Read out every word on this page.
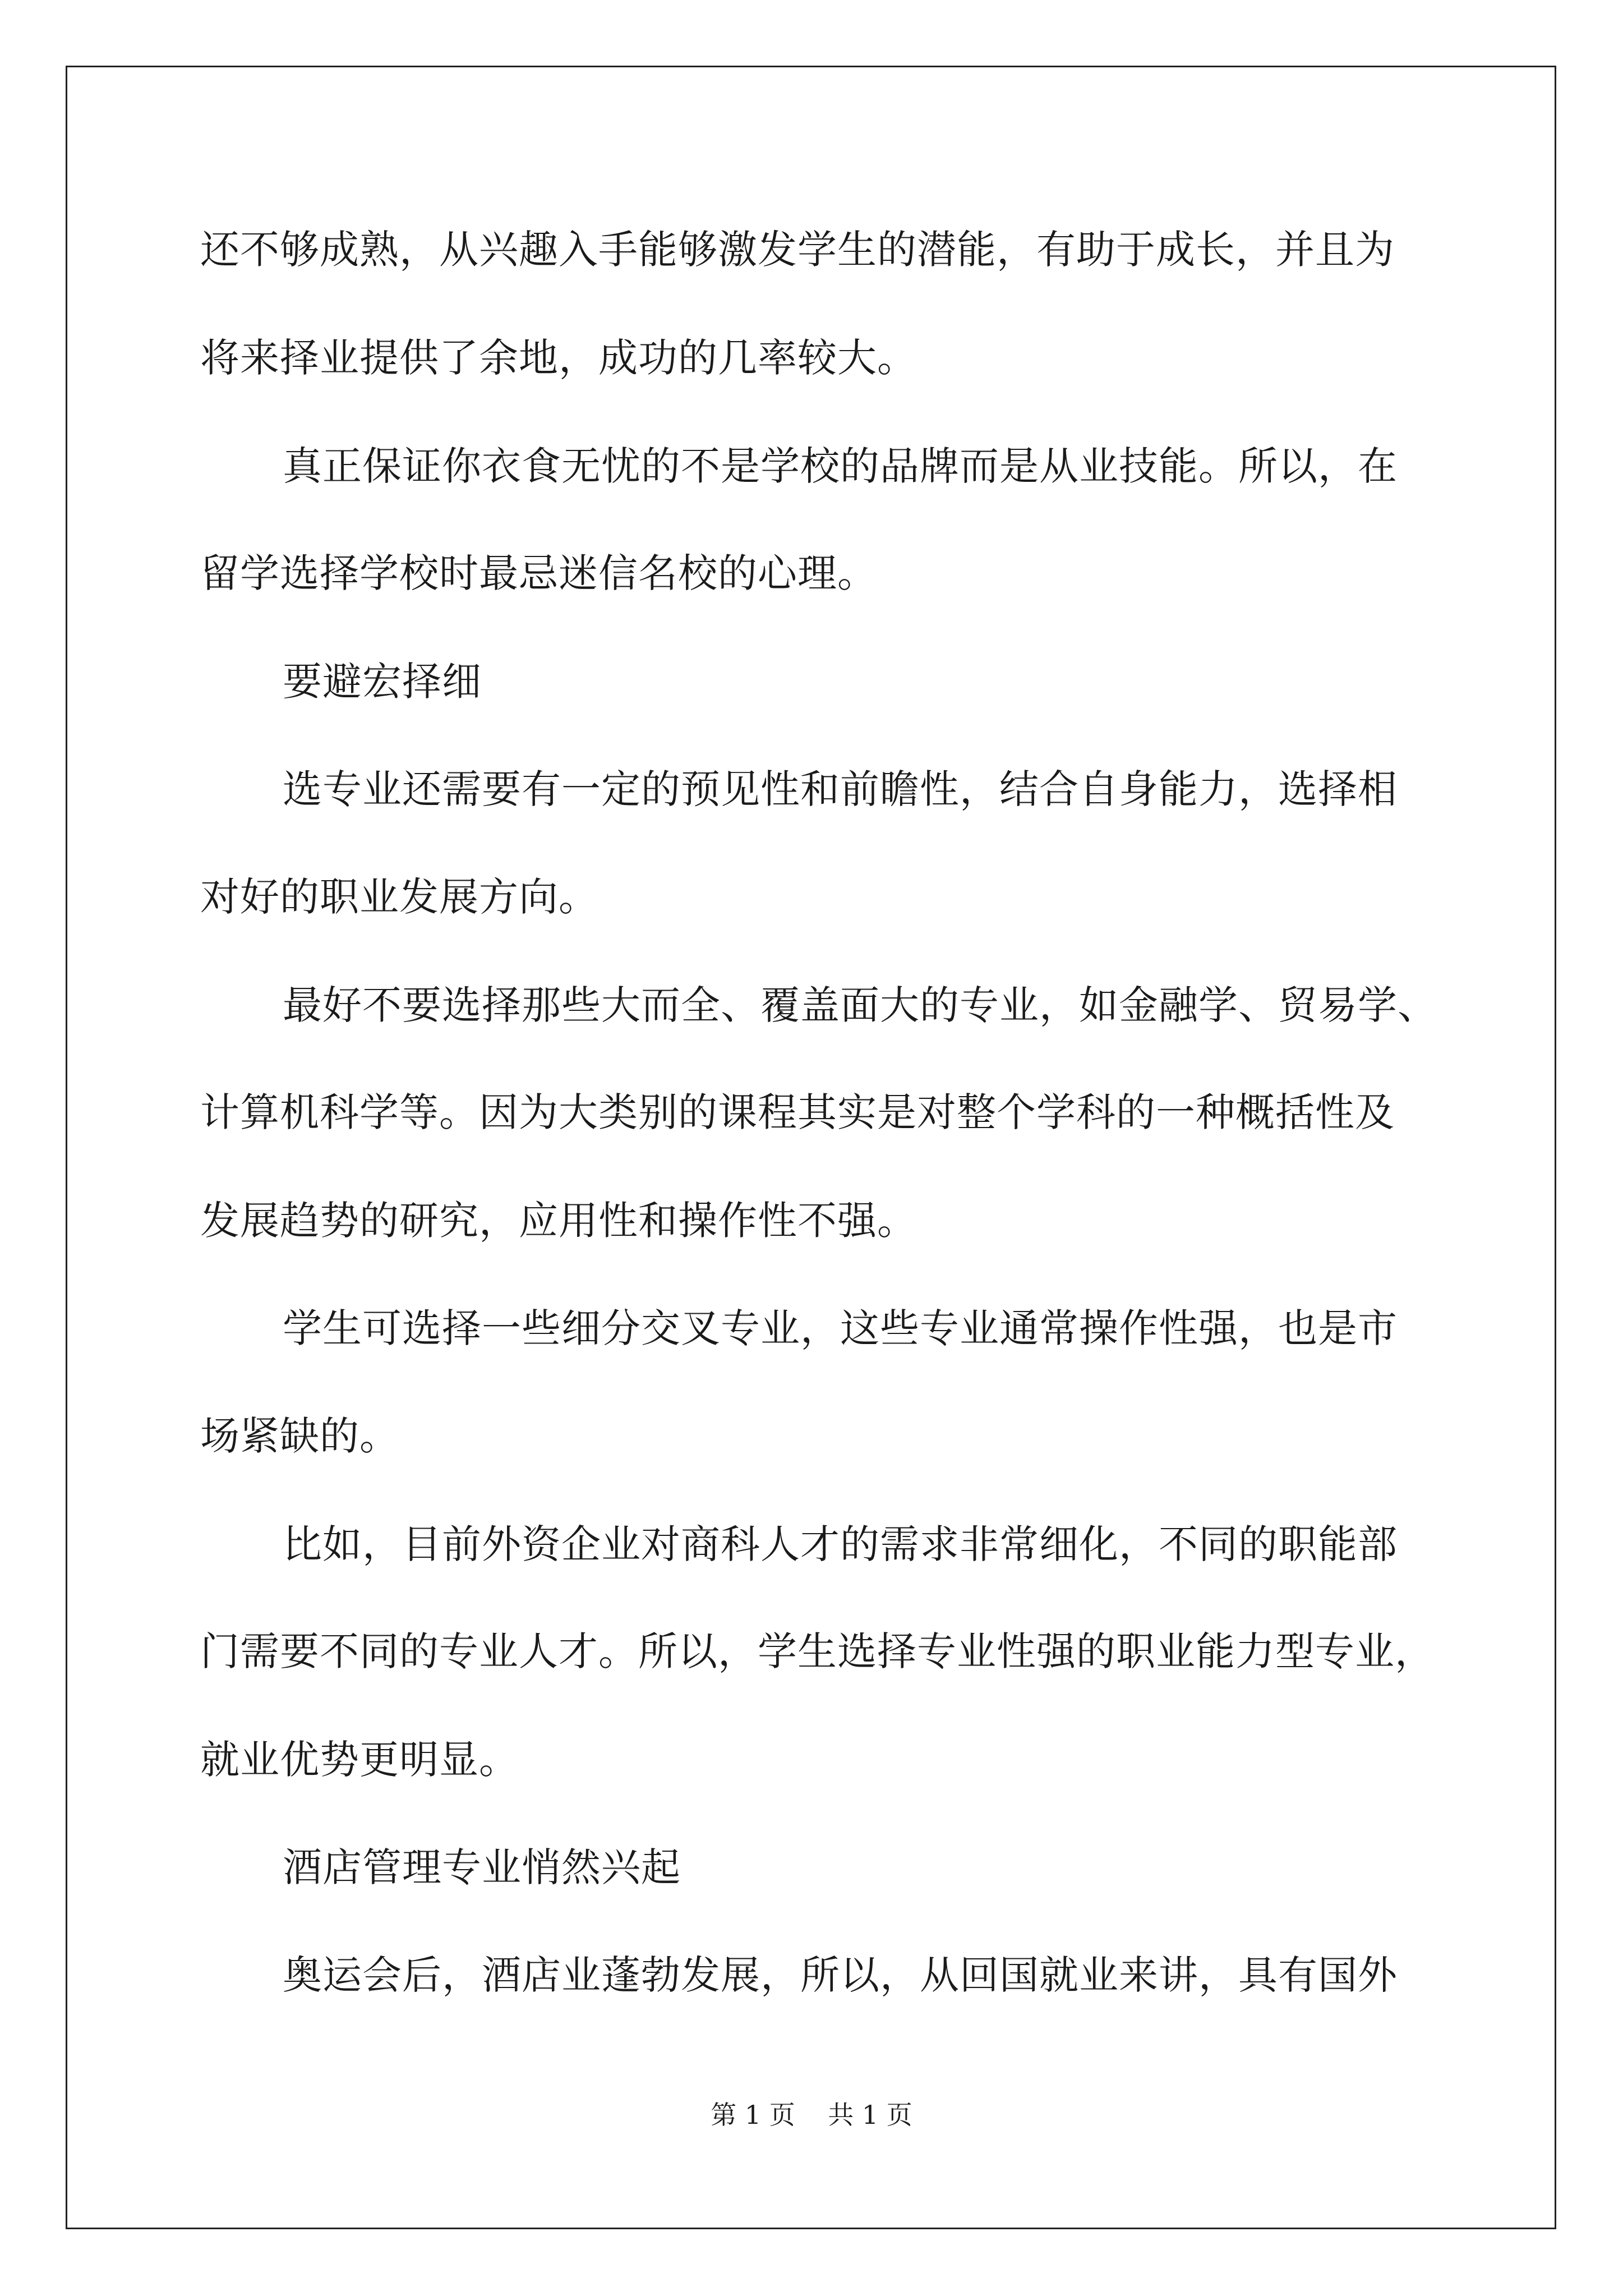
还不够成熟，从兴趣入手能够激发学生的潜能，有助于成长，并且为
将来择业提供了余地，成功的几率较大。
真正保证你衣食无忧的不是学校的品牌而是从业技能。所以，在
留学选择学校时最忌迷信名校的心理。
要避宏择细
选专业还需要有一定的预见性和前瞻性，结合自身能力，选择相
对好的职业发展方向。
最好不要选择那些大而全、覆盖面大的专业，如金融学、贸易学、
计算机科学等。因为大类别的课程其实是对整个学科的一种概括性及
发展趋势的研究，应用性和操作性不强。
学生可选择一些细分交叉专业，这些专业通常操作性强，也是市
场紧缺的。
比如，目前外资企业对商科人才的需求非常细化，不同的职能部
门需要不同的专业人才。所以，学生选择专业性强的职业能力型专业，
就业优势更明显。
酒店管理专业悄然兴起
奥运会后，酒店业蓬勃发展，所以，从回国就业来讲，具有国外
第 1 页    共 1 页
